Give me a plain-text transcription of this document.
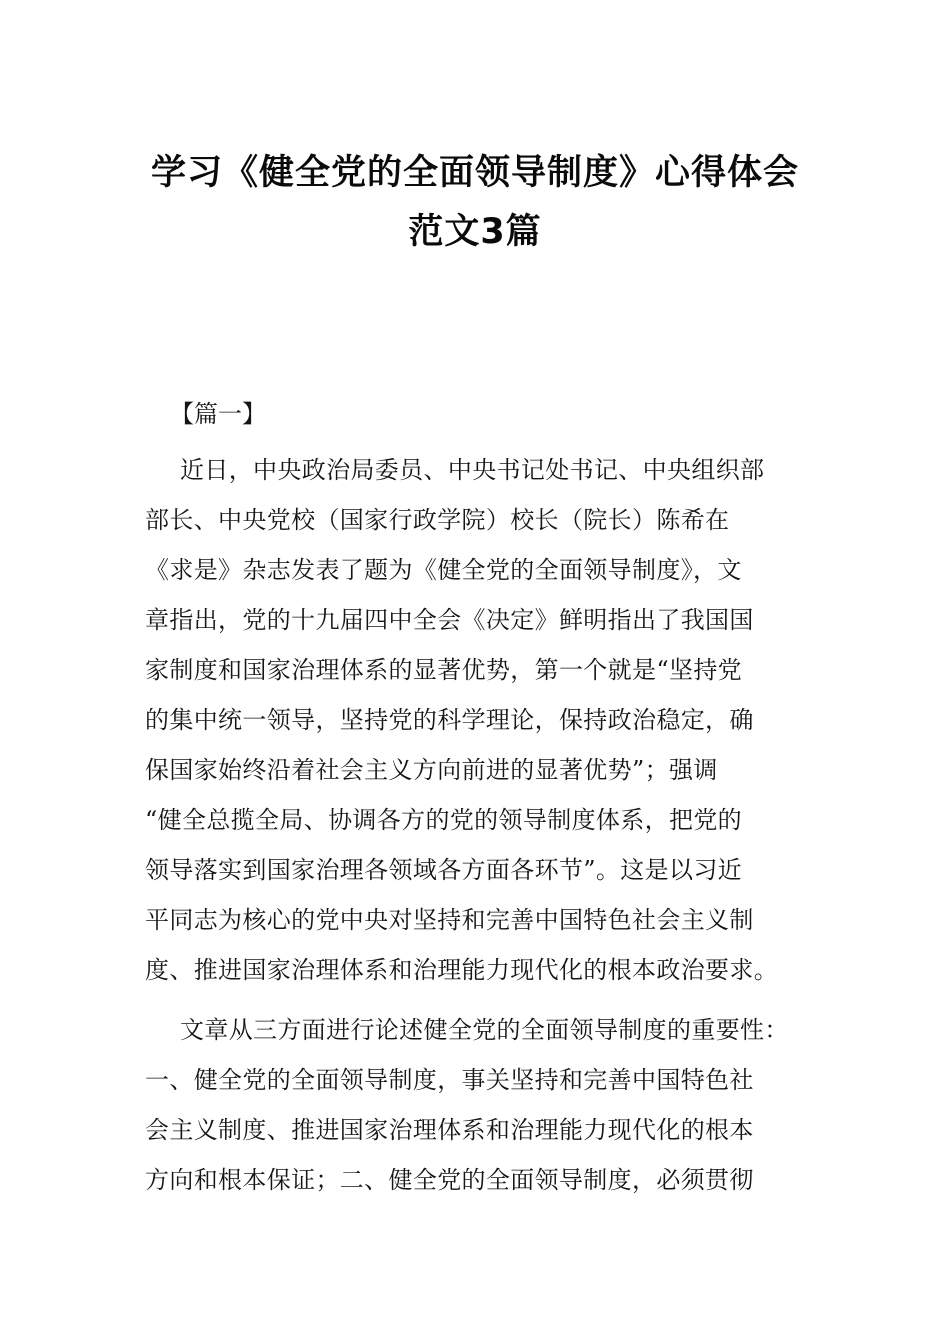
学习《健全党的全面领导制度》心得体会
范文3篇
【篇一】
近日，中央政治局委员、中央书记处书记、中央组织部
部长、中央党校（国家行政学院）校长（院长）陈希在
《求是》杂志发表了题为《健全党的全面领导制度》，文
章指出，党的十九届四中全会《决定》鲜明指出了我国国
家制度和国家治理体系的显著优势，第一个就是“坚持党
的集中统一领导，坚持党的科学理论，保持政治稳定，确
保国家始终沿着社会主义方向前进的显著优势”；强调
“健全总揽全局、协调各方的党的领导制度体系，把党的
领导落实到国家治理各领域各方面各环节”。这是以习近
平同志为核心的党中央对坚持和完善中国特色社会主义制
度、推进国家治理体系和治理能力现代化的根本政治要求。
文章从三方面进行论述健全党的全面领导制度的重要性：
一、健全党的全面领导制度，事关坚持和完善中国特色社
会主义制度、推进国家治理体系和治理能力现代化的根本
方向和根本保证；二、健全党的全面领导制度，必须贯彻
